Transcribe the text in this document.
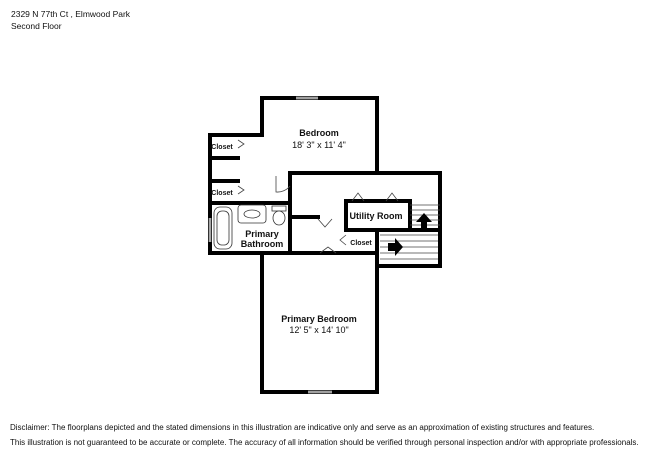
2329 N 77th Ct , Elmwood Park
Second Floor
Bedroom
18' 3" x 11' 4"
Closet
Closet
Utility Room
Primary
Bathroom	Closet
Primary Bedroom
12' 5" x 14' 10"
Disclaimer: The floorplans depicted and the stated dimensions in this illustration are indicative only and serve as an approximation of existing structures and features.
This illustration is not guaranteed to be accurate or complete. The accuracy of all information should be verified through personal inspection and/or with appropriate professionals.
